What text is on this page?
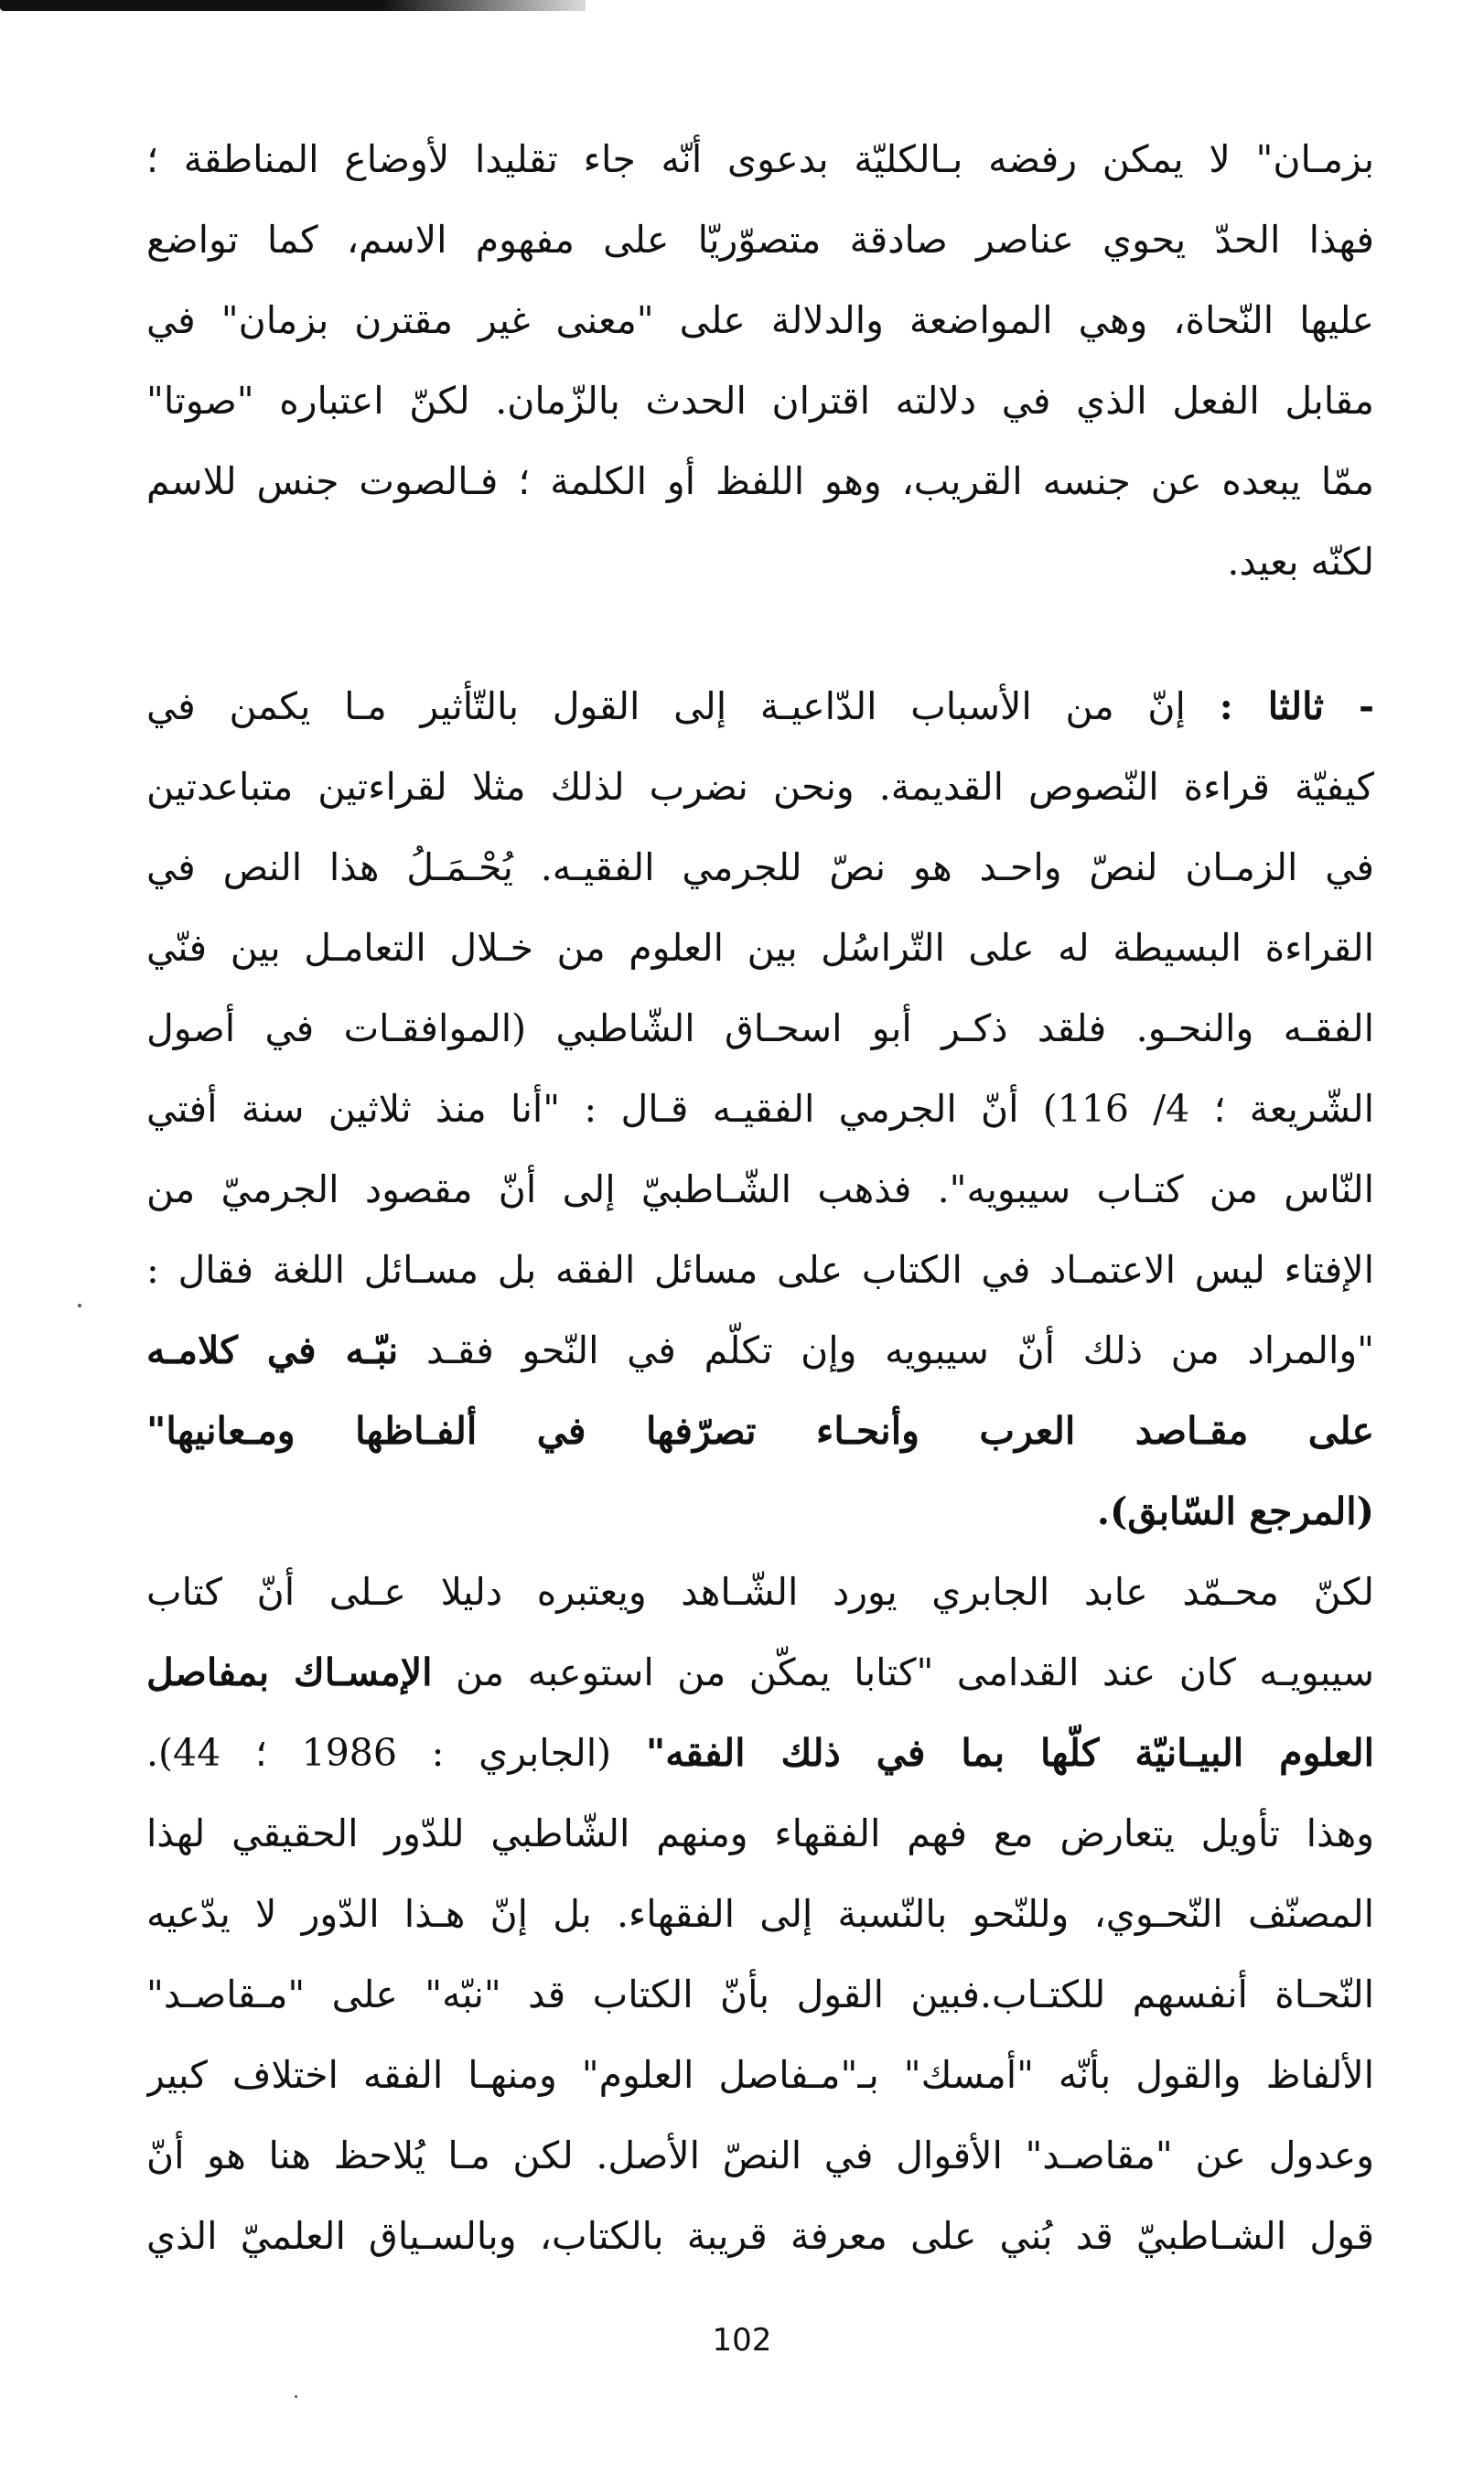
بزمـان" لا يمكن رفضه بـالكليّة بدعوى أنّه جاء تقليدا لأوضاع المناطقة ؛
فهذا الحدّ يحوي عناصر صادقة متصوّريّا على مفهوم الاسم، كما تواضع
عليها النّحاة، وهي المواضعة والدلالة على "معنى غير مقترن بزمان" في
مقابل الفعل الذي في دلالته اقتران الحدث بالزّمان. لكنّ اعتباره "صوتا"
ممّا يبعده عن جنسه القريب، وهو اللفظ أو الكلمة ؛ فـالصوت جنس للاسم
لكنّه بعيد.
- ثالثا : إنّ من الأسباب الدّاعيـة إلى القول بالتّأثير مـا يكمن في
كيفيّة قراءة النّصوص القديمة. ونحن نضرب لذلك مثلا لقراءتين متباعدتين
في الزمـان لنصّ واحـد هو نصّ للجرمي الفقيـه. يُحْـمَـلُ هذا النص في
القراءة البسيطة له على التّراسُل بين العلوم من خـلال التعامـل بين فنّي
الفقـه والنحـو. فلقد ذكـر أبو اسحـاق الشّاطبي (الموافقـات في أصول
الشّريعة ؛ 4/ 116) أنّ الجرمي الفقيـه قـال : "أنا منذ ثلاثين سنة أفتي
النّاس من كتـاب سيبويه". فذهب الشّـاطبيّ إلى أنّ مقصود الجرميّ من
الإفتاء ليس الاعتمـاد في الكتاب على مسائل الفقه بل مسـائل اللغة فقال :
"والمراد من ذلك أنّ سيبويه وإن تكلّم في النّحو فقـد نبّـه في كلامـه
على مقـاصد العرب وأنحـاء تصرّفها في ألفـاظها ومـعانيها"
(المرجع السّابق).
لكنّ محـمّد عابد الجابري يورد الشّـاهد ويعتبره دليلا عـلى أنّ كتاب
سيبويـه كان عند القدامى "كتابا يمكّن من استوعبه من الإمسـاك بمفاصل
العلوم البيـانيّة كلّها بما في ذلك الفقه" (الجابري : 1986 ؛ 44).
وهذا تأويل يتعارض مع فهم الفقهاء ومنهم الشّاطبي للدّور الحقيقي لهذا
المصنّف النّحـوي، وللنّحو بالنّسبة إلى الفقهاء. بل إنّ هـذا الدّور لا يدّعيه
النّحـاة أنفسهم للكتـاب.فبين القول بأنّ الكتاب قد "نبّه" على "مـقاصـد"
الألفاظ والقول بأنّه "أمسك" بـ"مـفاصل العلوم" ومنهـا الفقه اختلاف كبير
وعدول عن "مقاصـد" الأقوال في النصّ الأصل. لكن مـا يُلاحظ هنا هو أنّ
قول الشـاطبيّ قد بُني على معرفة قريبة بالكتاب، وبالسـياق العلميّ الذي
102
